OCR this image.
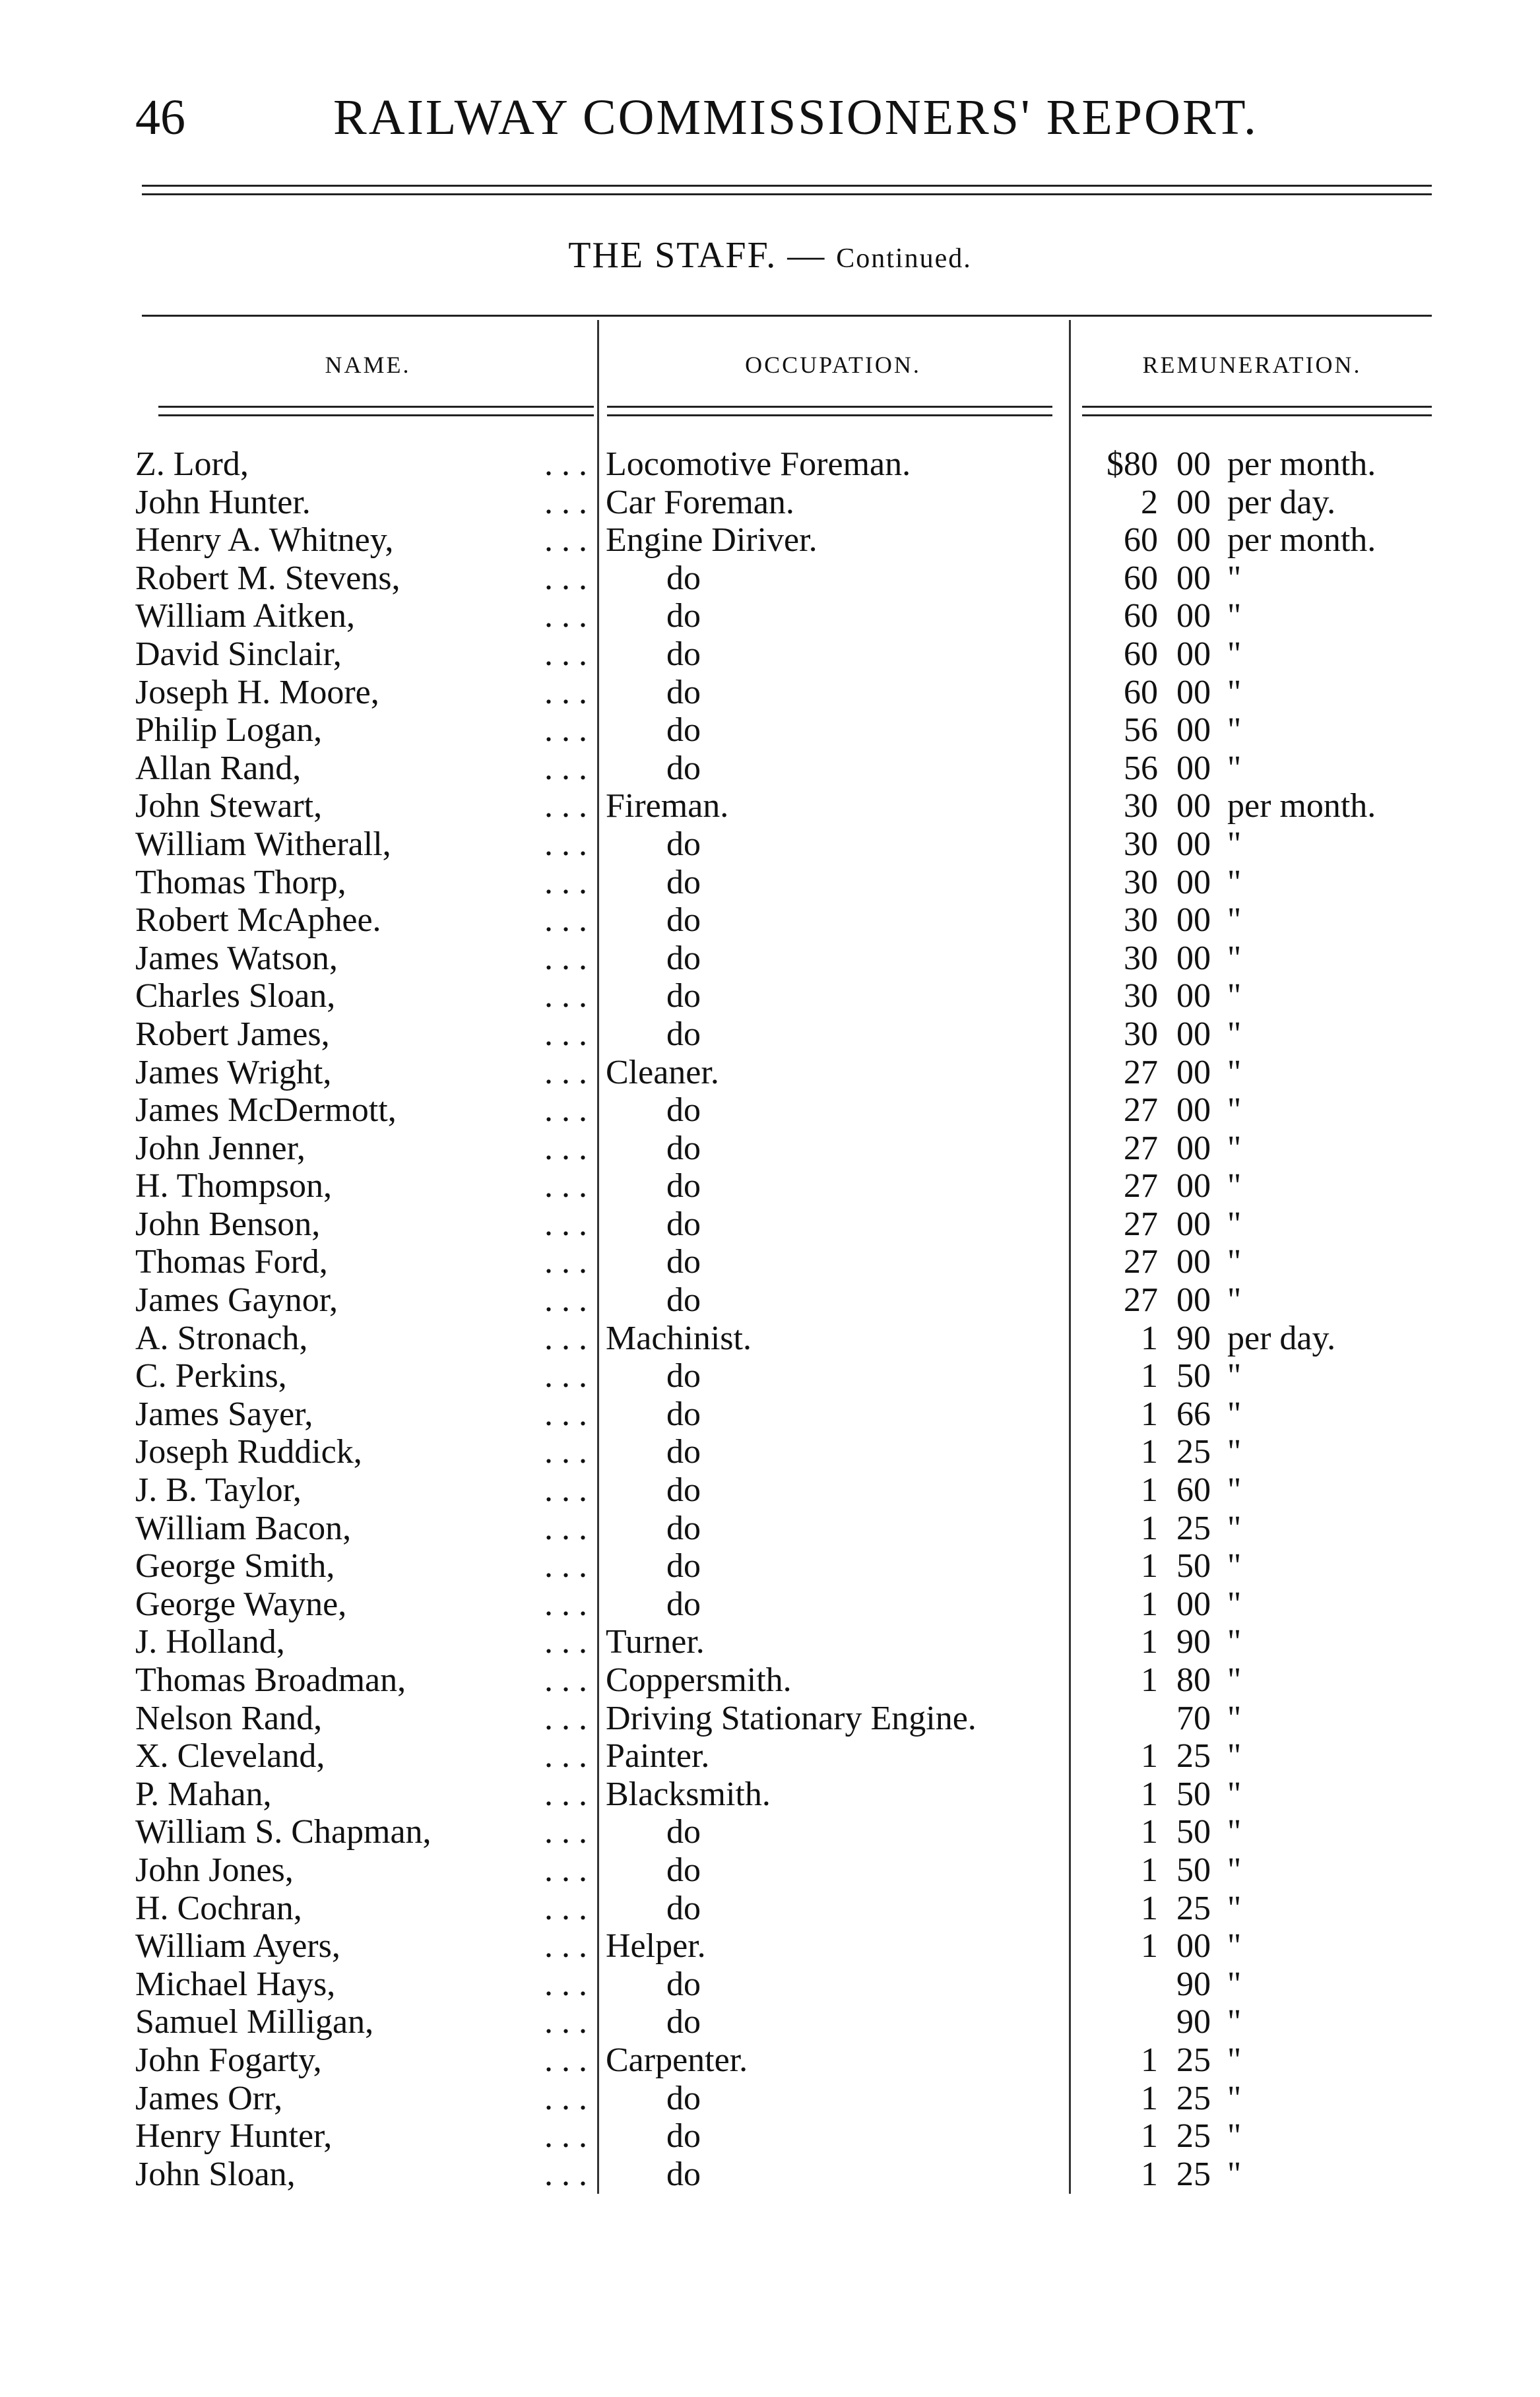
46	RAILWAY COMMISSIONERS' REPORT.
THE STAFF. — Continued.
NAME.	OCCUPATION.	REMUNERATION.
Z. Lord,	. . . Locomotive Foreman.	$80 00 per month.
John Hunter.	. . . Car Foreman.	2 00 per day.
Henry A. Whitney,	. . . Engine Diriver.	60 00 per month.
Robert M. Stevens,	. . . do	60 00 "
William Aitken,	. . . do	60 00 "
David Sinclair,	. . . do	60 00 "
Joseph H. Moore,	. . . do	60 00 "
Philip Logan,	. . . do	56 00 "
Allan Rand,	. . . do	56 00 "
John Stewart,	. . . Fireman.	30 00 per month.
William Witherall,	. . . do	30 00 "
Thomas Thorp,	. . . do	30 00 "
Robert McAphee.	. . . do	30 00 "
James Watson,	. . . do	30 00 "
Charles Sloan,	. . . do	30 00 "
Robert James,	. . . do	30 00 "
James Wright,	. . . Cleaner.	27 00 "
James McDermott,	. . . do	27 00 "
John Jenner,	. . . do	27 00 "
H. Thompson,	. . . do	27 00 "
John Benson,	. . . do	27 00 "
Thomas Ford,	. . . do	27 00 "
James Gaynor,	. . . do	27 00 "
A. Stronach,	. . . Machinist.	1 90 per day.
C. Perkins,	. . . do	1 50 "
James Sayer,	. . . do	1 66 "
Joseph Ruddick,	. . . do	1 25 "
J. B. Taylor,	. . . do	1 60 "
William Bacon,	. . . do	1 25 "
George Smith,	. . . do	1 50 "
George Wayne,	. . . do	1 00 "
J. Holland,	. . . Turner.	1 90 "
Thomas Broadman,	. . . Coppersmith.	1 80 "
Nelson Rand,	. . . Driving Stationary Engine.	70 "
X. Cleveland,	. . . Painter.	1 25 "
P. Mahan,	. . . Blacksmith.	1 50 "
William S. Chapman,	. . . do	1 50 "
John Jones,	. . . do	1 50 "
H. Cochran,	. . . do	1 25 "
William Ayers,	. . . Helper.	1 00 "
Michael Hays,	. . . do	90 "
Samuel Milligan,	. . . do	90 "
John Fogarty,	. . . Carpenter.	1 25 "
James Orr,	. . . do	1 25 "
Henry Hunter,	. . . do	1 25 "
John Sloan,	. . . do	1 25 "
